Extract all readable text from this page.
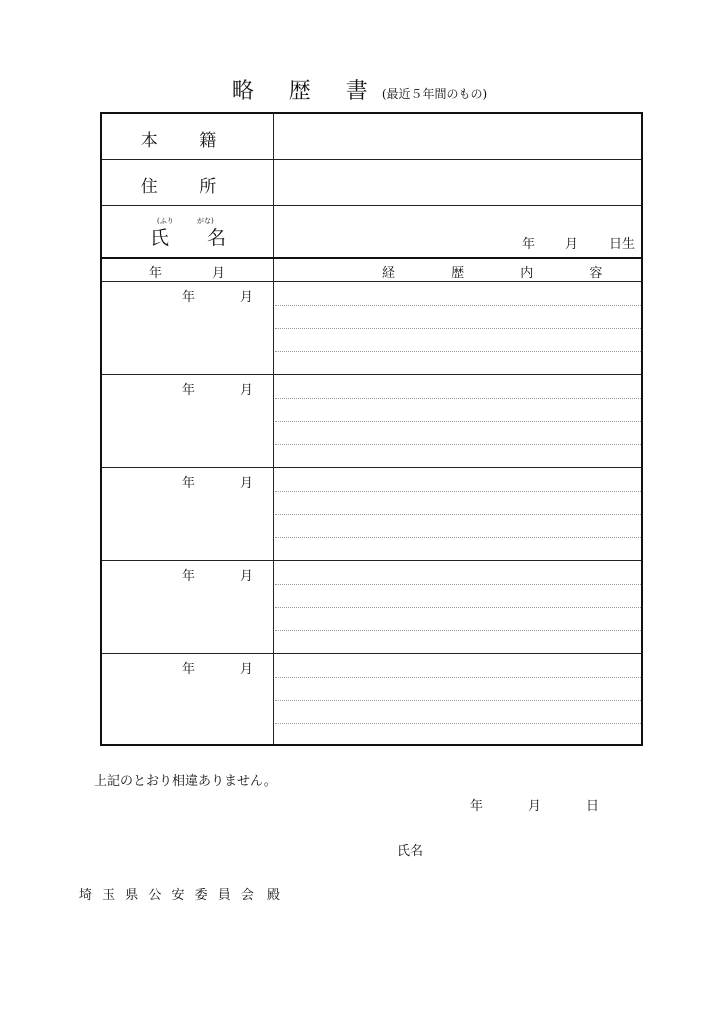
略 歴 書(最近５年間のもの)
本 籍
住 所
(ふり	がな)
氏 名	年 月 日生
年	月	経 歴 内 容
年	月
年	月
年	月
年	月
年	月
上記のとおり相違ありません。
年	月	日
氏名
埼 玉 県 公 安 委 員 会 殿
